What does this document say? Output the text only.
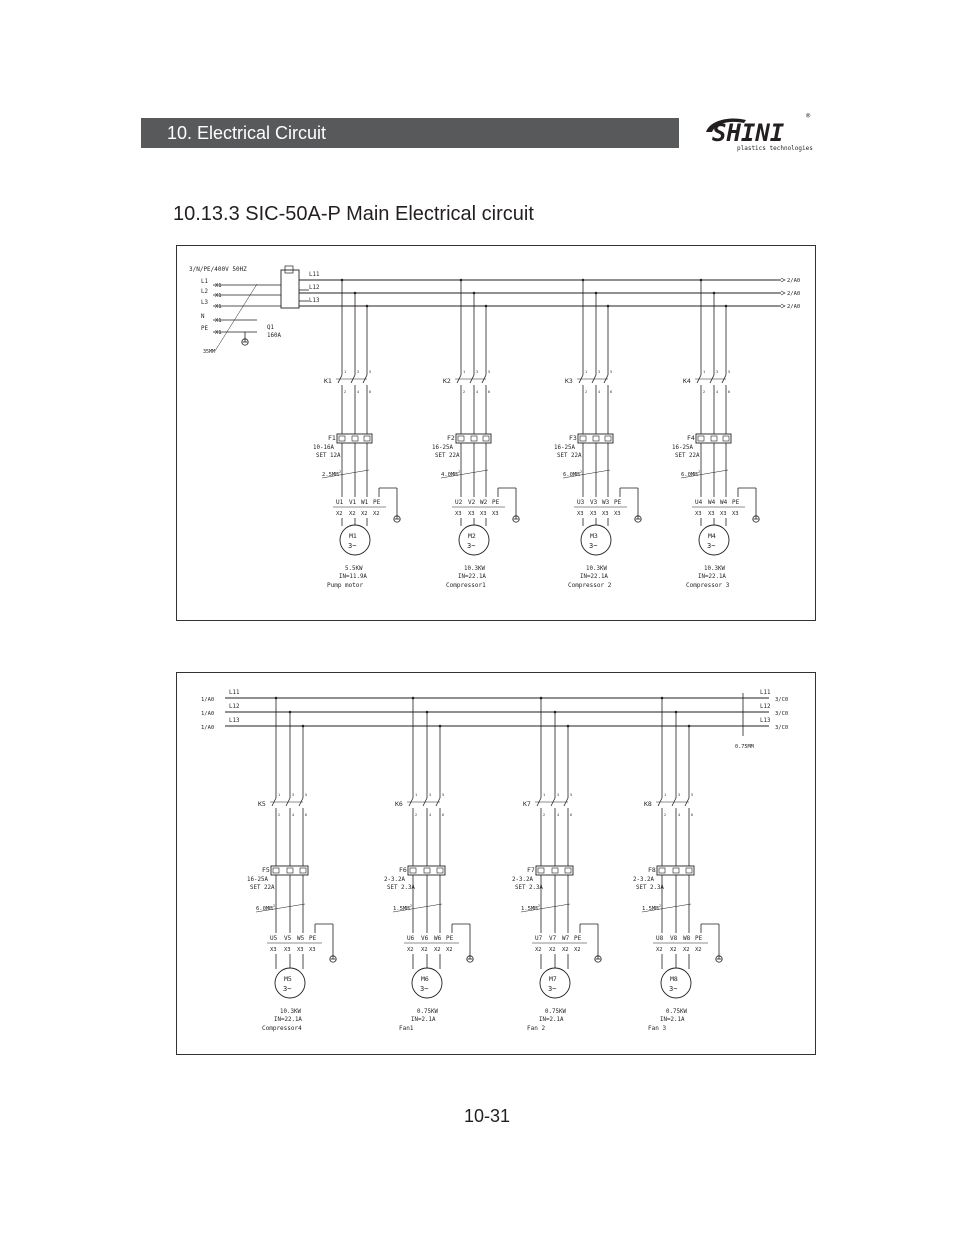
10. Electrical Circuit	SHINI
plastics technologies
®
10.13.3 SIC-50A-P Main Electrical circuit
3/N/PE/400V 50HZ
L1
X1
L2
X1
L3
X1
N
X1
PE
X1
35MM
Q1
160A
L11
2/A0
L12
2/A0
L13
2/A0
1
2
3
4
5
6
K1
F1
10-16A
SET 12A
2.5MM 2
U1
X2
V1
X2
W1
X2
PE
X2
M1
3~
5.5KW
IN=11.9A
Pump motor
1
2
3
4
5
6
K2
F2
16-25A
SET 22A
4.0MM 2
U2
X3
V2
X3
W2
X3
PE
X3
M2
3~
10.3KW
IN=22.1A
Compressor1
1
2
3
4
5
6
K3
F3
16-25A
SET 22A
6.0MM 2
U3
X3
V3
X3
W3
X3
PE
X3
M3
3~
10.3KW
IN=22.1A
Compressor 2
1
2
3
4
5
6
K4
F4
16-25A
SET 22A
6.0MM 2
U4
X3
W4
X3
W4
X3
PE
X3
M4
3~
10.3KW
IN=22.1A
Compressor 3
1/A0
L11	L11
3/C0
1/A0
L12	L12
3/C0
1/A0
L13	L13
3/C0
0.75MM
1
2
3
4
5
6
K5
F5
16-25A
SET 22A
6.0MM 2
U5
X3
V5
X3
W5
X3
PE
X3
M5
3~
10.3KW
IN=22.1A
Compressor4
1
2
3
4
5
6
K6
F6
2-3.2A
SET 2.3A
1.5MM 2
U6
X2
V6
X2
W6
X2
PE
X2
M6
3~
0.75KW
IN=2.1A
Fan1
1
2
3
4
5
6
K7
F7
2-3.2A
SET 2.3A
1.5MM 2
U7
X2
V7
X2
W7
X2
PE
X2
M7
3~
0.75KW
IN=2.1A
Fan 2
1
2
3
4
5
6
K8
F8
2-3.2A
SET 2.3A
1.5MM 2
U8
X2
V8
X2
W8
X2
PE
X2
M8
3~
0.75KW
IN=2.1A
Fan 3
10-31
